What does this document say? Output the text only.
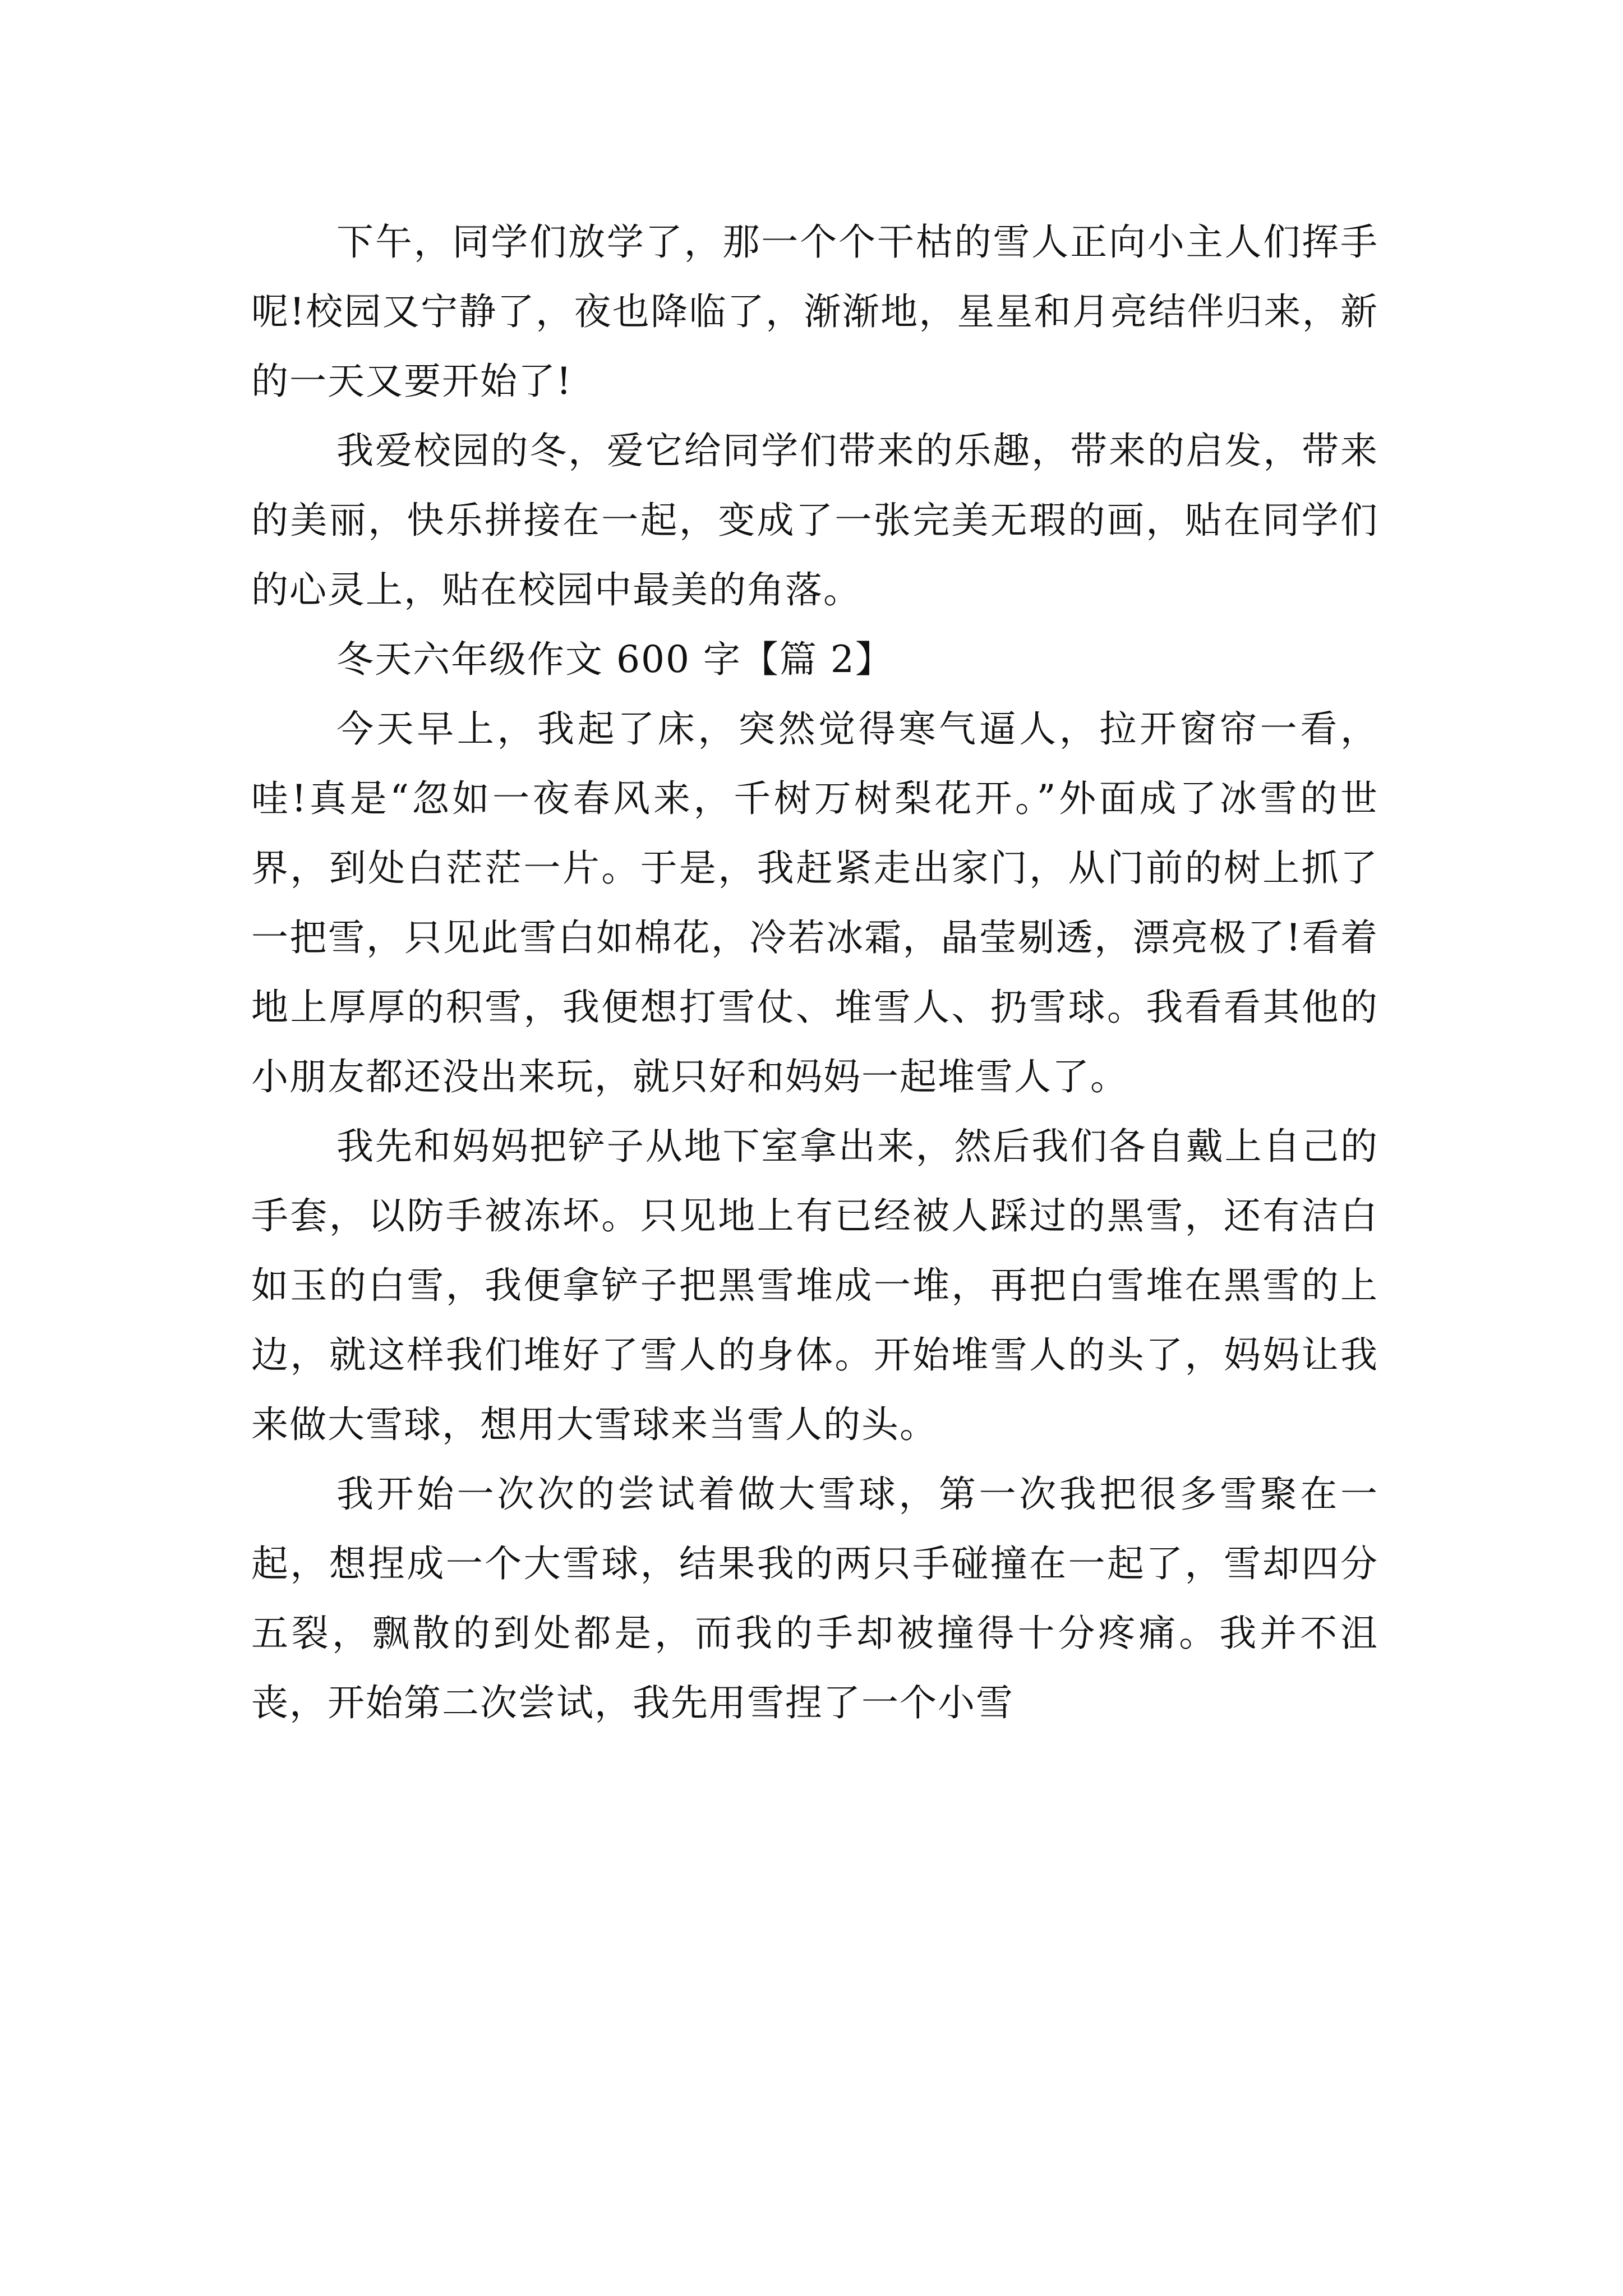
下午，同学们放学了，那一个个干枯的雪人正向小主人们挥手呢!校园又宁静了，夜也降临了，渐渐地，星星和月亮结伴归来，新的一天又要开始了!

我爱校园的冬，爱它给同学们带来的乐趣，带来的启发，带来的美丽，快乐拼接在一起，变成了一张完美无瑕的画，贴在同学们的心灵上，贴在校园中最美的角落。

冬天六年级作文 600 字【篇 2】

今天早上，我起了床，突然觉得寒气逼人，拉开窗帘一看，哇!真是“忽如一夜春风来，千树万树梨花开。”外面成了冰雪的世界，到处白茫茫一片。于是，我赶紧走出家门，从门前的树上抓了一把雪，只见此雪白如棉花，冷若冰霜，晶莹剔透，漂亮极了!看着地上厚厚的积雪，我便想打雪仗、堆雪人、扔雪球。我看看其他的小朋友都还没出来玩，就只好和妈妈一起堆雪人了。

我先和妈妈把铲子从地下室拿出来，然后我们各自戴上自己的手套，以防手被冻坏。只见地上有已经被人踩过的黑雪，还有洁白如玉的白雪，我便拿铲子把黑雪堆成一堆，再把白雪堆在黑雪的上边，就这样我们堆好了雪人的身体。开始堆雪人的头了，妈妈让我来做大雪球，想用大雪球来当雪人的头。

我开始一次次的尝试着做大雪球，第一次我把很多雪聚在一起，想捏成一个大雪球，结果我的两只手碰撞在一起了，雪却四分五裂，飘散的到处都是，而我的手却被撞得十分疼痛。我并不沮丧，开始第二次尝试，我先用雪捏了一个小雪
